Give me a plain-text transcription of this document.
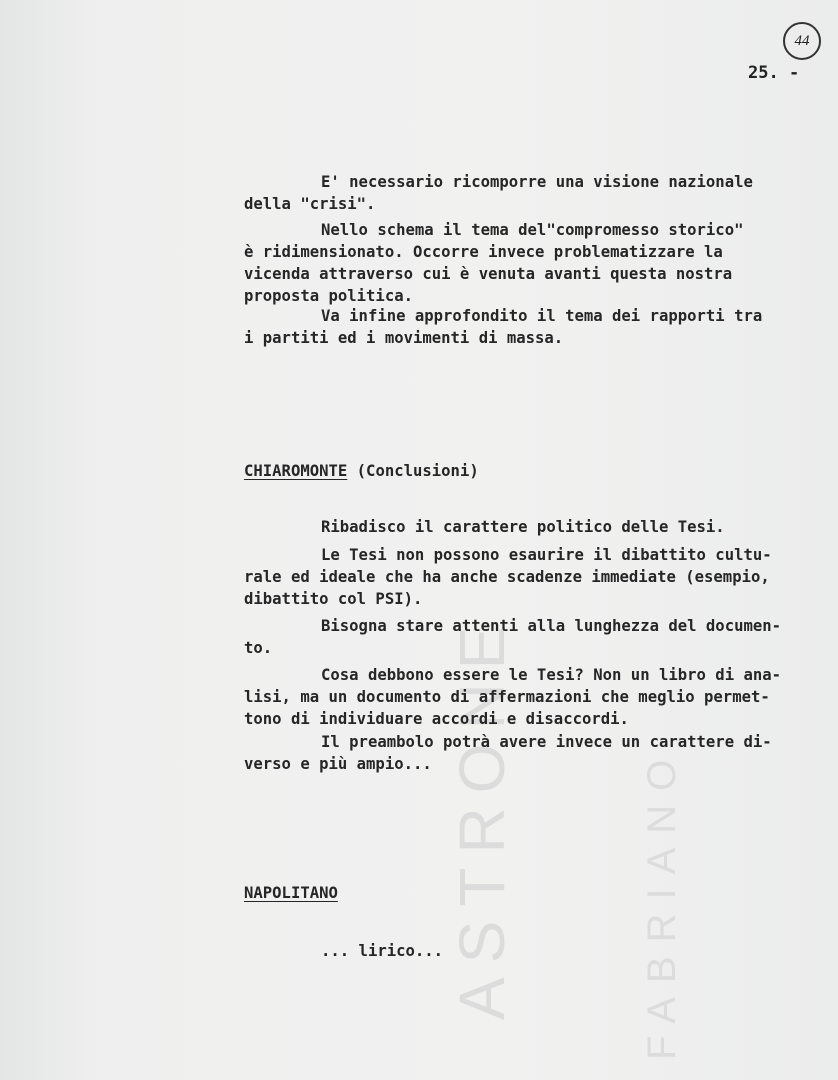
ASTRONE	FABRIANO
44
25. -
E' necessario ricomporre una visione nazionale
della "crisi".
Nello schema il tema del"compromesso storico"
è ridimensionato. Occorre invece problematizzare la
vicenda attraverso cui è venuta avanti questa nostra
proposta politica.
Va infine approfondito il tema dei rapporti tra
i partiti ed i movimenti di massa.
CHIAROMONTE (Conclusioni)
Ribadisco il carattere politico delle Tesi.
Le Tesi non possono esaurire il dibattito cultu-
rale ed ideale che ha anche scadenze immediate (esempio,
dibattito col PSI).
Bisogna stare attenti alla lunghezza del documen-
to.
Cosa debbono essere le Tesi? Non un libro di ana-
lisi, ma un documento di affermazioni che meglio permet-
tono di individuare accordi e disaccordi.
Il preambolo potrà avere invece un carattere di-
verso e più ampio...
NAPOLITANO
... lirico...
